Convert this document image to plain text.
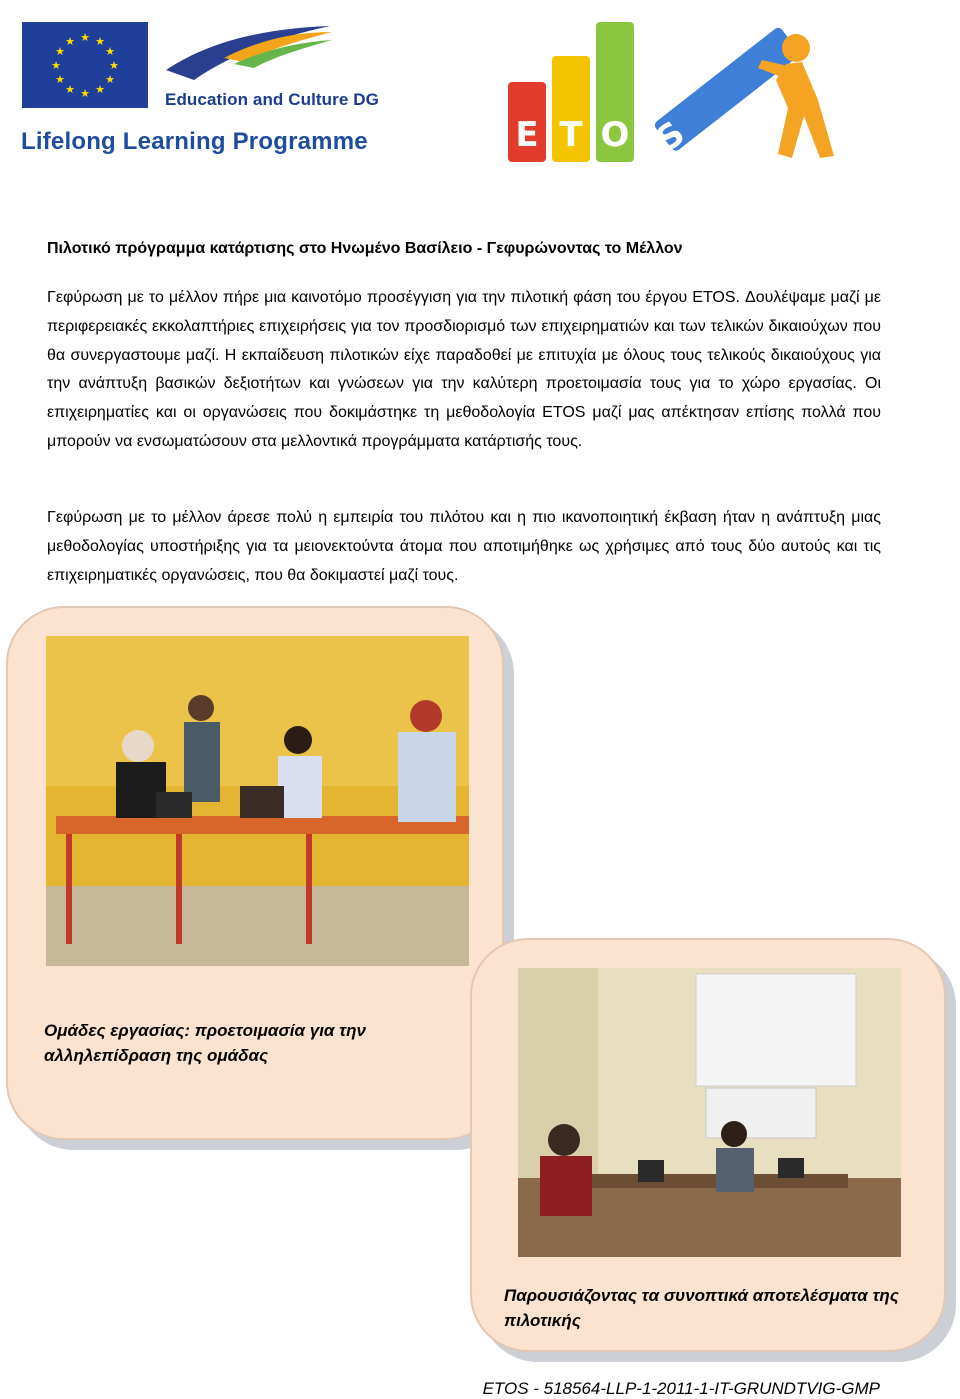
★ ★
★
★
★
★
★
★
★
★
★
★
Education and Culture DG
Lifelong Learning Programme	E T O S
Πιλοτικό πρόγραμμα κατάρτισης στο Ηνωμένο Βασίλειο - Γεφυρώνοντας το Μέλλον
Γεφύρωση με το μέλλον πήρε μια καινοτόμο προσέγγιση για την πιλοτική φάση του έργου ETOS. Δουλέψαμε μαζί με περιφερειακές εκκολαπτήριες επιχειρήσεις για τον προσδιορισμό των επιχειρηματιών και των τελικών δικαιούχων που θα συνεργαστουμε μαζί. Η εκπαίδευση πιλοτικών είχε παραδοθεί με επιτυχία με όλους τους τελικούς δικαιούχους για την ανάπτυξη βασικών δεξιοτήτων και γνώσεων για την καλύτερη προετοιμασία τους για το χώρο εργασίας. Οι επιχειρηματίες και οι οργανώσεις που δοκιμάστηκε τη μεθοδολογία ETOS μαζί μας απέκτησαν επίσης πολλά που μπορούν να ενσωματώσουν στα μελλοντικά προγράμματα κατάρτισής τους.
Γεφύρωση με το μέλλον άρεσε πολύ η εμπειρία του πιλότου και η πιο ικανοποιητική έκβαση ήταν η ανάπτυξη μιας μεθοδολογίας υποστήριξης για τα μειονεκτούντα άτομα που αποτιμήθηκε ως χρήσιμες από τους δύο αυτούς και τις επιχειρηματικές οργανώσεις, που θα δοκιμαστεί μαζί τους.
Ομάδες εργασίας: προετοιμασία για την αλληλεπίδραση της ομάδας
Παρουσιάζοντας τα συνοπτικά αποτελέσματα της πιλοτικής
ETOS - 518564-LLP-1-2011-1-IT-GRUNDTVIG-GMP
